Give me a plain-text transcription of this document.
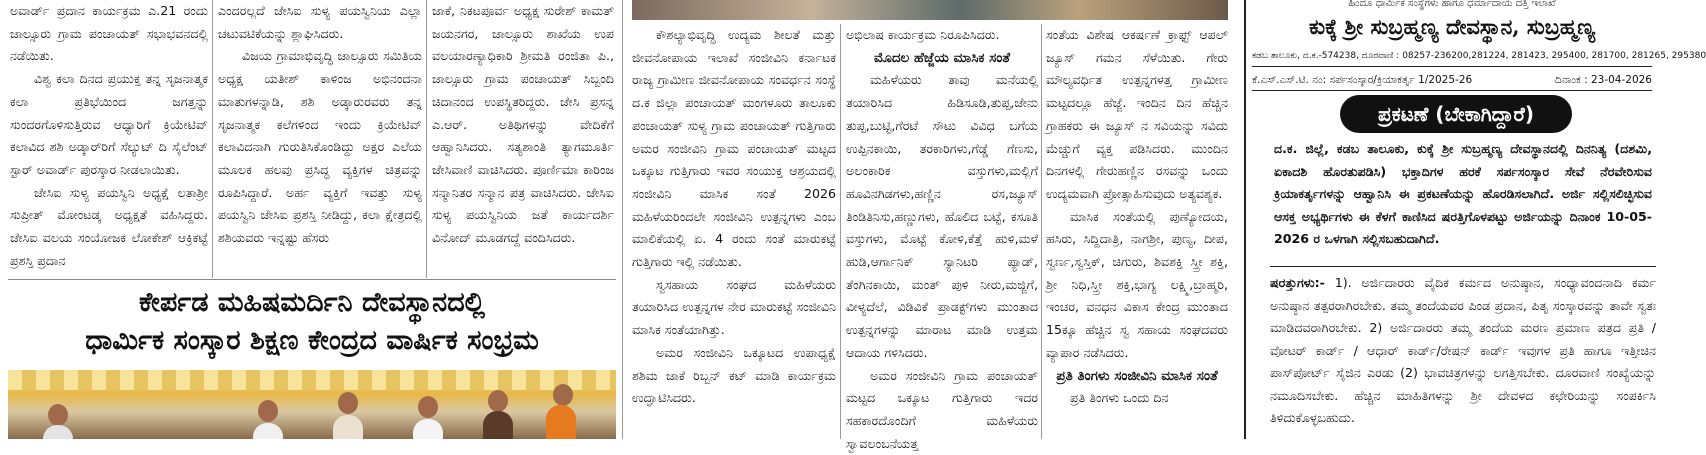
ಅವಾರ್ಡ್ ಪ್ರದಾನ ಕಾರ್ಯಕ್ರಮ ಎ.21 ರಂದು ಜಾಲ್ಸೂರು ಗ್ರಾಮ ಪಂಚಾಯತ್ ಸಭಾಭವನದಲ್ಲಿ ನಡೆಯಿತು.

ವಿಶ್ವ ಕಲಾ ದಿನದ ಪ್ರಯುಕ್ತ ತನ್ನ ಸೃಜನಾತ್ಮಕ ಕಲಾ ಪ್ರತಿಭೆಯಿಂದ ಜಗತ್ತನ್ನು ಸುಂದರಗೊಳಿಸುತ್ತಿರುವ ಆಧ್ಯಾರಿಗೆ ಕ್ರಿಯೇಟಿವ್ ಕಲಾವಿದ ಶಶಿ ಅಡ್ಕಾರ್‌ರಿಗೆ ಸೆಲ್ಯುಟ್ ದಿ ಸೈಲೆಂಟ್ ಸ್ಟಾರ್ ಅವಾರ್ಡ್ ಪುರಸ್ಕಾರ ನೀಡಲಾಯಿತು.

ಜೇಸಿಐ ಸುಳ್ಯ ಪಯಸ್ವಿನಿ ಅಧ್ಯಕ್ಷೆ ಲತಾಶ್ರೀ ಸುಪ್ರೀತ್ ಮೋಂಟಡ್ಕ ಅಧ್ಯಕ್ಷತೆ ವಹಿಸಿದ್ದರು. ಜೇಸಿಐ ವಲಯ ಸಂಯೋಜಕ ಲೋಕೇಶ್ ಆಕ್ರಿಕಟ್ಟೆ ಪ್ರಶಸ್ತಿ ಪ್ರದಾನ

ಎಂದರಲ್ಲದೆ ಜೇಸಿಐ ಸುಳ್ಯ ಪಯಸ್ವಿನಿಯ ಎಲ್ಲಾ ಚಟುವಟಿಕೆಯನ್ನು ಶ್ಲಾಘಿಸಿದರು.

ವಿಜಯ ಗ್ರಾಮಾಭಿವೃದ್ಧಿ ಜಾಲ್ಸೂರು ಸಮಿತಿಯ ಅಧ್ಯಕ್ಷ ಯತೀಶ್ ಕಾಳಿಂಜ ಅಭಿನಂದನಾ ಮಾತುಗಳನ್ನಾಡಿ, ಶಶಿ ಅಡ್ಕಾರುರವರು ತನ್ನ ಸೃಜನಾತ್ಮಕ ಕಲೆಗಳಿಂದ ಇಂದು ಕ್ರಿಯೇಟಿವ್ ಕಲಾವಿದನಾಗಿ ಗುರುತಿಸಿಕೊಂಡಿದ್ದು ಅಕ್ಷರ ಎಲೆಯ ಮೂಲಕ ಹಲವು ಪ್ರಸಿದ್ಧ ವ್ಯಕ್ತಿಗಳ ಚಿತ್ರವನ್ನು ರೂಪಿಸಿದ್ದಾರೆ. ಅರ್ಹ ವ್ಯಕ್ತಿಗೆ ಇವತ್ತು ಸುಳ್ಯ ಪಯಸ್ವಿನಿ ಜೇಸಿಐ ಪ್ರಶಸ್ತಿ ನೀಡಿದ್ದು, ಕಲಾ ಕ್ಷೇತ್ರದಲ್ಲಿ ಶಶಿಯವರು ಇನ್ನಷ್ಟು ಹೆಸರು

ಜಾಕೆ, ನಿಕಟಪೂರ್ವ ಅಧ್ಯಕ್ಷ ಸುರೇಶ್ ಕಾಮತ್ ಜಯನಗರ, ಜಾಲ್ಸೂರು ಶಾಖೆಯ ಉಪ ವಲಯಾರಣ್ಯಾಧಿಕಾರಿ ಶ್ರೀಮತಿ ರಂಜಿತಾ ಪಿ., ಜಾಲ್ಸೂರು ಗ್ರಾಮ ಪಂಚಾಯತ್ ಸಿಬ್ಬಂದಿ ಚಿದಾನಂದ ಉಪಸ್ಥಿತರಿದ್ದರು. ಜೇಸಿ ಪ್ರಸನ್ನ ಎ.ಆರ್. ಅತಿಥಿಗಳನ್ನು ವೇದಿಕೆಗೆ ಆಹ್ವಾನಿಸಿದರು. ಸತ್ಯಶಾಂತಿ ತ್ಯಾಗಮೂರ್ತಿ ಜೇಸಿವಾಣಿ ವಾಚಿಸಿದರು. ಪೂರ್ಣಿಮಾ ಕಾರಿಂಜ ಸನ್ಮಾನಿತರ ಸನ್ಮಾನ ಪತ್ರ ವಾಚಿಸಿದರು. ಜೇಸಿಐ ಸುಳ್ಯ ಪಯಸ್ವಿನಿಯ ಜತೆ ಕಾರ್ಯದರ್ಶಿ ವಿನೋದ್ ಮೂಡಗದ್ದೆ ವಂದಿಸಿದರು.

ಕೇರ್ಪಡ ಮಹಿಷಮರ್ದಿನಿ ದೇವಸ್ಥಾನದಲ್ಲಿ
ಧಾರ್ಮಿಕ ಸಂಸ್ಕಾರ ಶಿಕ್ಷಣ ಕೇಂದ್ರದ ವಾರ್ಷಿಕ ಸಂಭ್ರಮ

ಕೌಶಲ್ಯಾಭಿವೃದ್ಧಿ ಉದ್ಯಮ ಶೀಲತೆ ಮತ್ತು ಜೀವನೋಪಾಯ ಇಲಾಖೆ ಸಂಜೀವಿನಿ ಕರ್ನಾಟಕ ರಾಜ್ಯ ಗ್ರಾಮೀಣ ಜೀವನೋಪಾಯ ಸಂವರ್ಧನ ಸಂಸ್ಥೆ ದ.ಕ ಜಿಲ್ಲಾ ಪಂಚಾಯತ್ ಮಂಗಳೂರು ತಾಲೂಕು ಪಂಚಾಯತ್ ಸುಳ್ಯ ಗ್ರಾಮ ಪಂಚಾಯತ್ ಗುತ್ತಿಗಾರು ಅಮರ ಸಂಜೀವಿನಿ ಗ್ರಾಮ ಪಂಚಾಯತ್ ಮಟ್ಟದ ಒಕ್ಕೂಟ ಗುತ್ತಿಗಾರು ಇವರ ಸಂಯುಕ್ತ ಆಶ್ರಯದಲ್ಲಿ ಸಂಜೀವಿನಿ ಮಾಸಿಕ ಸಂತೆ 2026 ಮಹಿಳೆಯರಿಂದಲೇ ಸಂಜೀವಿನಿ ಉತ್ಪನ್ನಗಳು ಎಂಬ ಮಾಲಿಕೆಯಲ್ಲಿ ಏ. 4 ರಂದು ಸಂತೆ ಮಾರುಕಟ್ಟೆ ಗುತ್ತಿಗಾರು ಇಲ್ಲಿ ನಡೆಯಿತು.

ಸ್ವಸಹಾಯ ಸಂಘದ ಮಹಿಳೆಯರು ತಯಾರಿಸಿದ ಉತ್ಪನ್ನಗಳ ನೇರ ಮಾರುಕಟ್ಟೆ ಸಂಜೀವಿನಿ ಮಾಸಿಕ ಸಂತೆಯಾಗಿತ್ತು.

ಅಮರ ಸಂಜೀವಿನಿ ಒಕ್ಕೂಟದ ಉಪಾಧ್ಯಕ್ಷೆ ಶಶಿಮ ಜಾಕೆ ರಿಬ್ಬನ್ ಕಟ್ ಮಾಡಿ ಕಾರ್ಯಕ್ರಮ ಉದ್ಘಾಟಿಸಿದರು.

ಅಭಿಲಾಷ ಕಾರ್ಯಕ್ರಮ ನಿರೂಪಿಸಿದರು.

ಮೊದಲ ಹೆಜ್ಜೆಯ ಮಾಸಿಕ ಸಂತೆ

ಮಹಿಳೆಯರು ತಾವು ಮನೆಯಲ್ಲಿ ತಯಾರಿಸಿದ ಹಿಡಿಸೂಡಿ,ತುಪ್ಪ,ಜೇನು ತುಪ್ಪ,ಬುಟ್ಟಿ,ಗೆರಟೆ ಸೌಟು ವಿವಿಧ ಬಗೆಯ ಉಪ್ಪಿನಕಾಯಿ, ತರಕಾರಿಗಳು,ಗೆಡ್ಡೆ ಗೆಣಸು, ಅಲಂಕಾರಿಕ ವಸ್ತುಗಳು,ಮಲ್ಲಿಗೆ ಹೂವಿನಗಿಡಗಳು,ಹಣ್ಣಿನ ರಸ,ಜ್ಯೂಸ್ ತಿಂಡಿತಿನಿಸು,ಹಣ್ಣುಗಳು, ಹೊಲಿದ ಬಟ್ಟೆ, ಕಸೂತಿ ವಸ್ತುಗಳು, ಮೊಟ್ಟೆ ಕೋಳಿ,ಕೆತ್ತೆ ಹುಳಿ,ಮಳೆ ಹುಡಿ,ಆರ್ಗಾನಿಕ್ ಸ್ಯಾನಿಟರಿ ಪ್ಯಾಡ್, ತೆಂಗಿನಕಾಯಿ, ಮಂತ್ ಪುಳಿ ನೀರು,ಮಜ್ಜಿಗೆ, ವೀಳ್ಯದೆಲೆ, ವಿಡಿವಿಕೆ ಪ್ರಾಡಕ್ಟ್‌ಗಳು ಮುಂತಾದ ಉತ್ಪನ್ನಗಳನ್ನು ಮಾರಾಟ ಮಾಡಿ ಉತ್ತಮ ಆದಾಯ ಗಳಿಸಿದರು.

ಅಮರ ಸಂಜೀವಿನಿ ಗ್ರಾಮ ಪಂಚಾಯತ್ ಮಟ್ಟದ ಒಕ್ಕೂಟ ಗುತ್ತಿಗಾರು ಇದರ ಸಹಕಾರದೊಂದಿಗೆ ಮಹಿಳೆಯರು ಸ್ವಾವಲಂಬನೆಯತ್ತ

ಸಂತೆಯ ವಿಶೇಷ ಆಕರ್ಷಣೆ ಕ್ರಾಫ್ಟ್ ಆಪಲ್ ಜ್ಯೂಸ್ ಗಮನ ಸೆಳೆಯಿತು. ಗೇರು ಮೌಲ್ಯವರ್ಧಿತ ಉತ್ಪನ್ನಗಳತ್ತ ಗ್ರಾಮೀಣ ಮಟ್ಟದಲ್ಲೂ ಹೆಜ್ಜೆ. ಇಂದಿನ ದಿನ ಹೆಚ್ಚಿನ ಗ್ರಾಹಕರು ಈ ಜ್ಯೂಸ್ ನ ಸವಿಯನ್ನು ಸವಿದು ಮೆಚ್ಚುಗೆ ವ್ಯಕ್ತ ಪಡಿಸಿದರು. ಮುಂದಿನ ದಿನಗಳಲ್ಲಿ ಗೇರುಹಣ್ಣಿನ ರಸವನ್ನು ಒಂದು ಉದ್ಯಮವಾಗಿ ಪ್ರೋತ್ಸಾಹಿಸುವುದು ಅತ್ಯವಶ್ಯಕ.

ಮಾಸಿಕ ಸಂತೆಯಲ್ಲಿ ಪುಣ್ಯೋದಯ, ಹಸಿರು, ಸಿದ್ದಿದಾತ್ರಿ, ನಾಗಶ್ರೀ, ಪುಣ್ಯ, ದೀಪ, ಸ್ವರ್ಣ,ಸ್ವಸ್ತಿಕ್, ಚಿಗುರು, ಶಿವಶಕ್ತಿ ಸ್ತ್ರೀ ಶಕ್ತಿ, ಶ್ರೀ ನಿಧಿ,ಸ್ತ್ರೀ ಶಕ್ತಿ,ಭಾಗ್ಯ ಲಕ್ಷ್ಮಿ,ಬ್ರಾಹ್ಮರಿ, ಇಂಚರ, ವನಧನ ವಿಕಾಸ ಕೇಂದ್ರ ಮುಂತಾದ 15ಕ್ಕೂ ಹೆಚ್ಚಿನ ಸ್ವ ಸಹಾಯ ಸಂಘದವರು ವ್ಯಾಪಾರ ನಡೆಸಿದರು.

ಪ್ರತಿ ತಿಂಗಳು ಸಂಜೀವಿನಿ ಮಾಸಿಕ ಸಂತೆ

ಪ್ರತಿ ತಿಂಗಳು ಒಂದು ದಿನ

ಹಿಂದೂ ಧಾರ್ಮಿಕ ಸಂಸ್ಥೆಗಳು ಹಾಗೂ ಧರ್ಮಾದಾಯ ದತ್ತಿ ಇಲಾಖೆ
ಕುಕ್ಕೆ ಶ್ರೀ ಸುಬ್ರಹ್ಮಣ್ಯ ದೇವಸ್ಥಾನ, ಸುಬ್ರಹ್ಮಣ್ಯ
ಕಡಬ ತಾಲೂಕು, ದ.ಕ.-574238, ದೂರವಾಣಿ : 08257-236200,281224, 281423, 295400, 281700, 281265, 295380
ಕೆ.ಎಸ್.ಎಸ್.ಟಿ. ನಂ: ಸರ್ಪಸಂಸ್ಕಾರ/ಕ್ರಿಯಾಕರ್ತೃ 1/2025-26	ದಿನಾಂಕ : 23-04-2026
ಪ್ರಕಟಣೆ (ಬೇಕಾಗಿದ್ದಾರೆ)
ದ.ಕ. ಜಿಲ್ಲೆ, ಕಡಬ ತಾಲೂಕು, ಕುಕ್ಕೆ ಶ್ರೀ ಸುಬ್ರಹ್ಮಣ್ಯ ದೇವಸ್ಥಾನದಲ್ಲಿ ದಿನನಿತ್ಯ (ದಶಮಿ, ಏಕಾದಶಿ ಹೊರತುಪಡಿಸಿ) ಭಕ್ತಾದಿಗಳ ಹರಕೆ ಸರ್ಪಸಂಸ್ಕಾರ ಸೇವೆ ನೆರವೇರಿಸುವ ಕ್ರಿಯಾಕರ್ತೃಗಳನ್ನು ಆಹ್ವಾನಿಸಿ ಈ ಪ್ರಕಟಣೆಯನ್ನು ಹೊರಡಿಸಲಾಗಿದೆ. ಅರ್ಜಿ ಸಲ್ಲಿಸಲಿಚ್ಛಿಸುವ ಆಸಕ್ತ ಅಭ್ಯರ್ಥಿಗಳು ಈ ಕೆಳಗೆ ಕಾಣಿಸಿದ ಷರತ್ತಿಗೊಳಪಟ್ಟು ಅರ್ಜಿಯನ್ನು ದಿನಾಂಕ 10-05-2026 ರ ಒಳಗಾಗಿ ಸಲ್ಲಿಸಬಹುದಾಗಿದೆ.
ಷರತ್ತುಗಳು:- 1). ಅರ್ಜಿದಾರರು ವೈದಿಕ ಕರ್ಮದ ಅನುಷ್ಠಾನ, ಸಂಧ್ಯಾವಂದನಾದಿ ಕರ್ಮ ಅನುಷ್ಠಾನ ತತ್ಪರರಾಗಿರಬೇಕು. ತಮ್ಮ ತಂದೆಯವರ ಪಿಂಡ ಪ್ರದಾನ, ಪಿತೃ ಸಂಸ್ಕಾರವನ್ನು ತಾವೇ ಸ್ವತಃ ಮಾಡಿದವರಾಗಿರಬೇಕು. 2) ಅರ್ಜಿದಾರರು ತಮ್ಮ ತಂದೆಯ ಮರಣ ಪ್ರಮಾಣ ಪತ್ರದ ಪ್ರತಿ / ವೋಟರ್ ಕಾರ್ಡ್ / ಆಧಾರ್ ಕಾರ್ಡ್/ರೇಷನ್ ಕಾರ್ಡ್ ಇವುಗಳ ಪ್ರತಿ ಹಾಗೂ ಇತ್ತೀಚಿನ ಪಾಸ್‌ಪೋರ್ಟ್ ಸೈಜಿನ ಎರಡು (2) ಭಾವಚಿತ್ರಗಳನ್ನು ಲಗತ್ತಿಸಬೇಕು. ದೂರವಾಣಿ ಸಂಖ್ಯೆಯನ್ನು ನಮೂದಿಸಬೇಕು. ಹೆಚ್ಚಿನ ಮಾಹಿತಿಗಳನ್ನು ಶ್ರೀ ದೇವಳದ ಕಛೇರಿಯನ್ನು ಸಂಪರ್ಕಿಸಿ ತಿಳಿದುಕೊಳ್ಳಬಹುದು.
